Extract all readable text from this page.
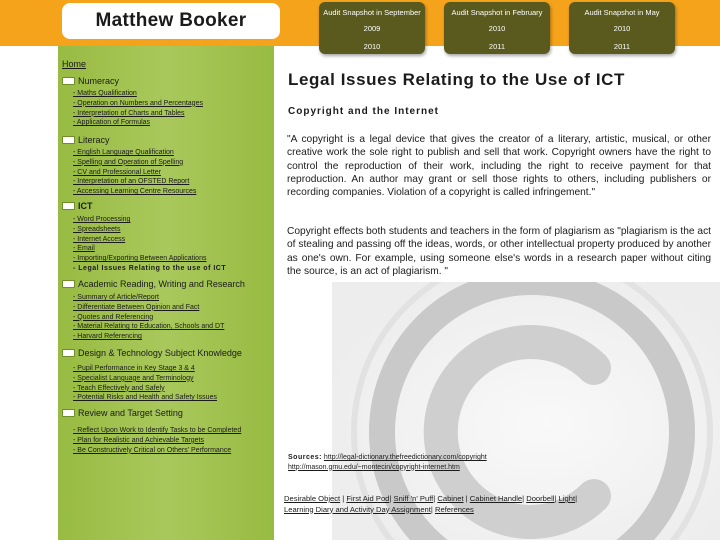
Matthew Booker	Audit Snapshot in September
2009
2010
Audit Snapshot in February
2010
2011
Audit Snapshot in May
2010
2011
Home
Numeracy
- Maths Qualification
- Operation on Numbers and Percentages
- Interpretation of Charts and Tables
- Application of Formulas
Literacy
- English Language Qualification
- Spelling and Operation of Spelling
- CV and Professional Letter
- Interpretation of an OFSTED Report
- Accessing Learning Centre Resources
ICT
- Word Processing
- Spreadsheets
- Internet Access
- Email
- Importing/Exporting Between Applications
- Legal Issues Relating to the use of ICT
Academic Reading, Writing and Research
- Summary of Article/Report
- Differentiate Between Opinion and Fact
- Quotes and Referencing
- Material Relating to Education, Schools and DT
- Harvard Referencing
Design & Technology Subject Knowledge
- Pupil Performance in Key Stage 3 & 4
- Specialist Language and Terminology
- Teach Effectively and Safely
- Potential Risks and Health and Safety Issues
Review and Target Setting
- Reflect Upon Work to Identify Tasks to be Completed
- Plan for Realistic and Achievable Targets
- Be Constructively Critical on Others' Performance
Legal Issues Relating to the Use of ICT
Copyright and the Internet
"A copyright is a legal device that gives the creator of a literary, artistic, musical, or other creative work the sole right to publish and sell that work. Copyright owners have the right to control the reproduction of their work, including the right to receive payment for that reproduction. An author may grant or sell those rights to others, including publishers or recording companies. Violation of a copyright is called infringement."
Copyright effects both students and teachers in the form of plagiarism as "plagiarism is the act of stealing and passing off the ideas, words, or other intellectual property produced by another as one's own. For example, using someone else's words in a research paper without citing the source, is an act of plagiarism. "
Sources: http://legal-dictionary.thefreedictionary.com/copyright
http://mason.gmu.edu/~montecin/copyright-internet.htm
Desirable Object | First Aid Pod| Sniff 'n' Puff| Cabinet | Cabinet Handle| Doorbell| Light|
Learning Diary and Activity Day Assignment| References
